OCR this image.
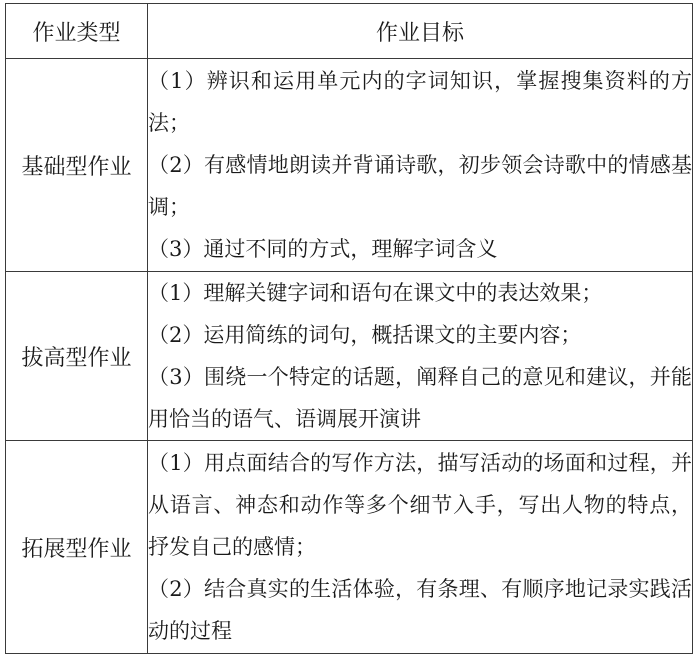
作业类型	作业目标
基础型作业	（1）辨识和运用单元内的字词知识，掌握搜集资料的方法；

（2）有感情地朗读并背诵诗歌，初步领会诗歌中的情感基调；

（3）通过不同的方式，理解字词含义

拔高型作业	（1）理解关键字词和语句在课文中的表达效果；

（2）运用简练的词句，概括课文的主要内容；

（3）围绕一个特定的话题，阐释自己的意见和建议，并能用恰当的语气、语调展开演讲

拓展型作业	（1）用点面结合的写作方法，描写活动的场面和过程，并从语言、神态和动作等多个细节入手，写出人物的特点，抒发自己的感情；

（2）结合真实的生活体验，有条理、有顺序地记录实践活动的过程
